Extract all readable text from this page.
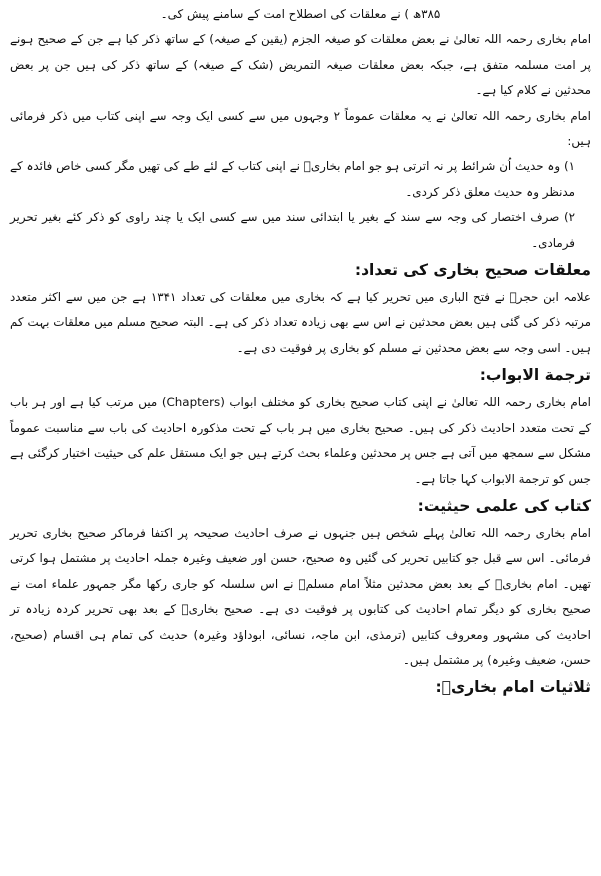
۳۸۵ھ ) نے معلقات کی اصطلاح امت کے سامنے پیش کی۔

امام بخاری رحمہ اللہ تعالیٰ نے بعض معلقات کو صیغہ الجزم (یقین کے صیغہ) کے ساتھ ذکر کیا ہے جن کے صحیح ہونے پر امت مسلمہ متفق ہے، جبکہ بعض معلقات صیغہ التمریض (شک کے صیغہ) کے ساتھ ذکر کی ہیں جن پر بعض محدثین نے کلام کیا ہے۔

امام بخاری رحمہ اللہ تعالیٰ نے یہ معلقات عموماً ۲ وجہوں میں سے کسی ایک وجہ سے اپنی کتاب میں ذکر فرمائی ہیں:

۱) وہ حدیث اُن شرائط پر نہ اترتی ہو جو امام بخاریؒ نے اپنی کتاب کے لئے طے کی تھیں مگر کسی خاص فائدہ کے مدنظر وہ حدیث معلق ذکر کردی۔

۲) صرف اختصار کی وجہ سے سند کے بغیر یا ابتدائی سند میں سے کسی ایک یا چند راوی کو ذکر کئے بغیر تحریر فرمادی۔

معلقات صحیح بخاری کی تعداد:

علامہ ابن حجرؒ نے فتح الباری میں تحریر کیا ہے کہ بخاری میں معلقات کی تعداد ۱۳۴۱ ہے جن میں سے اکثر متعدد مرتبہ ذکر کی گئی ہیں بعض محدثین نے اس سے بھی زیادہ تعداد ذکر کی ہے۔ البتہ صحیح مسلم میں معلقات بہت کم ہیں۔ اسی وجہ سے بعض محدثین نے مسلم کو بخاری پر فوقیت دی ہے۔

ترجمة الابواب:

امام بخاری رحمہ اللہ تعالیٰ نے اپنی کتاب صحیح بخاری کو مختلف ابواب (Chapters) میں مرتب کیا ہے اور ہر باب کے تحت متعدد احادیث ذکر کی ہیں۔ صحیح بخاری میں ہر باب کے تحت مذکورہ احادیث کی باب سے مناسبت عموماً مشکل سے سمجھ میں آتی ہے جس پر محدثین وعلماء بحث کرتے ہیں جو ایک مستقل علم کی حیثیت اختیار کرگئی ہے جس کو ترجمة الابواب کہا جاتا ہے۔

کتاب کی علمی حیثیت:

امام بخاری رحمہ اللہ تعالیٰ پہلے شخص ہیں جنہوں نے صرف احادیث صحیحہ پر اکتفا فرماکر صحیح بخاری تحریر فرمائی۔ اس سے قبل جو کتابیں تحریر کی گئیں وہ صحیح، حسن اور ضعیف وغیرہ جملہ احادیث پر مشتمل ہوا کرتی تھیں۔ امام بخاریؒ کے بعد بعض محدثین مثلاً امام مسلمؒ نے اس سلسلہ کو جاری رکھا مگر جمہور علماء امت نے صحیح بخاری کو دیگر تمام احادیث کی کتابوں پر فوقیت دی ہے۔ صحیح بخاریؒ کے بعد بھی تحریر کردہ زیادہ تر احادیث کی مشہور ومعروف کتابیں (ترمذی، ابن ماجہ، نسائی، ابوداؤد وغیرہ) حدیث کی تمام ہی اقسام (صحیح، حسن، ضعیف وغیرہ) پر مشتمل ہیں۔

ثلاثیات امام بخاریؒ:
